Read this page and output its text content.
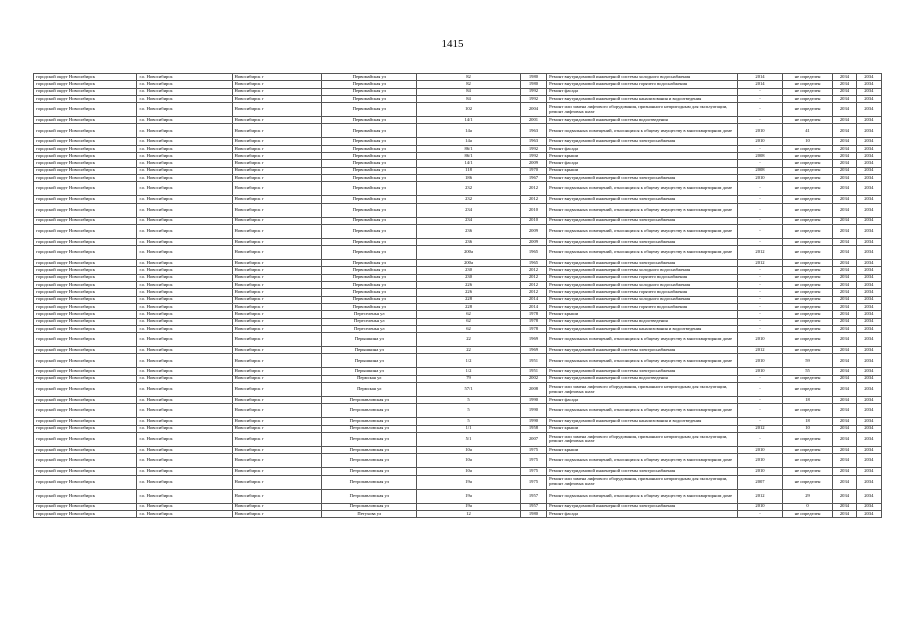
1415
городской округ Новосибирск	г.о. Новосибирск	Новосибирск г	Первомайская ул	82	1980	Ремонт внутридомовой инженерной системы холодного водоснабжения	2014	не определен	2034	2034
городской округ Новосибирск	г.о. Новосибирск	Новосибирск г	Первомайская ул	82	1980	Ремонт внутридомовой инженерной системы горячего водоснабжения	2014	не определен	2034	2034
городской округ Новосибирск	г.о. Новосибирск	Новосибирск г	Первомайская ул	84	1992	Ремонт фасада	-	не определен	2034	2034
городской округ Новосибирск	г.о. Новосибирск	Новосибирск г	Первомайская ул	84	1992	Ремонт внутридомовой инженерной системы канализования и водоотведения	-	не определен	2034	2034
городской округ Новосибирск	г.о. Новосибирск	Новосибирск г	Первомайская ул	102	2004	Ремонт или замена лифтового оборудования, признанного непригодным для эксплуатации, ремонт лифтовых шахт	-	не определен	2034	2034
городской округ Новосибирск	г.о. Новосибирск	Новосибирск г	Первомайская ул	14/1	2001	Ремонт внутридомовой инженерной системы водоотведения	-	не определен	2034	2034
городской округ Новосибирск	г.о. Новосибирск	Новосибирск г	Первомайская ул	14а	1963	Ремонт подвальных помещений, относящихся к общему имуществу в многоквартирном доме	2010	41	2034	2034
городской округ Новосибирск	г.о. Новосибирск	Новосибирск г	Первомайская ул	14а	1963	Ремонт внутридомовой инженерной системы электроснабжения	2010	10	2034	2034
городской округ Новосибирск	г.о. Новосибирск	Новосибирск г	Первомайская ул	86/1	1992	Ремонт фасада	-	не определен	2034	2034
городской округ Новосибирск	г.о. Новосибирск	Новосибирск г	Первомайская ул	86/1	1992	Ремонт крыши	2008	не определен	2034	2034
городской округ Новосибирск	г.о. Новосибирск	Новосибирск г	Первомайская ул	14/1	2009	Ремонт фасада	-	не определен	2034	2034
городской округ Новосибирск	г.о. Новосибирск	Новосибирск г	Первомайская ул	118	1970	Ремонт крыши	2008	не определен	2034	2034
городской округ Новосибирск	г.о. Новосибирск	Новосибирск г	Первомайская ул	186	1967	Ремонт внутридомовой инженерной системы электроснабжения	2010	не определен	2034	2034
городской округ Новосибирск	г.о. Новосибирск	Новосибирск г	Первомайская ул	232	2012	Ремонт подвальных помещений, относящихся к общему имуществу в многоквартирном доме	-	не определен	2034	2034
городской округ Новосибирск	г.о. Новосибирск	Новосибирск г	Первомайская ул	232	2012	Ремонт внутридомовой инженерной системы электроснабжения	-	не определен	2034	2034
городской округ Новосибирск	г.о. Новосибирск	Новосибирск г	Первомайская ул	234	2010	Ремонт подвальных помещений, относящихся к общему имуществу в многоквартирном доме	-	не определен	2034	2034
городской округ Новосибирск	г.о. Новосибирск	Новосибирск г	Первомайская ул	234	2010	Ремонт внутридомовой инженерной системы электроснабжения	-	не определен	2034	2034
городской округ Новосибирск	г.о. Новосибирск	Новосибирск г	Первомайская ул	236	2009	Ремонт подвальных помещений, относящихся к общему имуществу в многоквартирном доме	-	не определен	2034	2034
городской округ Новосибирск	г.о. Новосибирск	Новосибирск г	Первомайская ул	236	2009	Ремонт внутридомовой инженерной системы электроснабжения	-	не определен	2034	2034
городской округ Новосибирск	г.о. Новосибирск	Новосибирск г	Первомайская ул	200а	1965	Ремонт подвальных помещений, относящихся к общему имуществу в многоквартирном доме	2012	не определен	2034	2034
городской округ Новосибирск	г.о. Новосибирск	Новосибирск г	Первомайская ул	200а	1965	Ремонт внутридомовой инженерной системы электроснабжения	2012	не определен	2034	2034
городской округ Новосибирск	г.о. Новосибирск	Новосибирск г	Первомайская ул	230	2012	Ремонт внутридомовой инженерной системы холодного водоснабжения	-	не определен	2034	2034
городской округ Новосибирск	г.о. Новосибирск	Новосибирск г	Первомайская ул	230	2012	Ремонт внутридомовой инженерной системы горячего водоснабжения	-	не определен	2034	2034
городской округ Новосибирск	г.о. Новосибирск	Новосибирск г	Первомайская ул	226	2012	Ремонт внутридомовой инженерной системы холодного водоснабжения	-	не определен	2034	2034
городской округ Новосибирск	г.о. Новосибирск	Новосибирск г	Первомайская ул	226	2012	Ремонт внутридомовой инженерной системы горячего водоснабжения	-	не определен	2034	2034
городской округ Новосибирск	г.о. Новосибирск	Новосибирск г	Первомайская ул	228	2014	Ремонт внутридомовой инженерной системы холодного водоснабжения	-	не определен	2034	2034
городской округ Новосибирск	г.о. Новосибирск	Новосибирск г	Первомайская ул	228	2014	Ремонт внутридомовой инженерной системы горячего водоснабжения	-	не определен	2034	2034
городской округ Новосибирск	г.о. Новосибирск	Новосибирск г	Переселенья ул	62	1978	Ремонт крыши	-	не определен	2034	2034
городской округ Новосибирск	г.о. Новосибирск	Новосибирск г	Переселенья ул	62	1978	Ремонт внутридомовой инженерной системы водоотведения	-	не определен	2034	2034
городской округ Новосибирск	г.о. Новосибирск	Новосибирск г	Переселенья ул	62	1978	Ремонт внутридомовой инженерной системы канализования и водоотведения	-	не определен	2034	2034
городской округ Новосибирск	г.о. Новосибирск	Новосибирск г	Перышкина ул	22	1969	Ремонт подвальных помещений, относящихся к общему имуществу в многоквартирном доме	2010	не определен	2034	2034
городской округ Новосибирск	г.о. Новосибирск	Новосибирск г	Перышкина ул	22	1969	Ремонт внутридомовой инженерной системы электроснабжения	2012	не определен	2034	2034
городской округ Новосибирск	г.о. Новосибирск	Новосибирск г	Перышкина ул	1/2	1951	Ремонт подвальных помещений, относящихся к общему имуществу в многоквартирном доме	2010	59	2034	2034
городской округ Новосибирск	г.о. Новосибирск	Новосибирск г	Перышкина ул	1/2	1951	Ремонт внутридомовой инженерной системы электроснабжения	2010	55	2034	2034
городской округ Новосибирск	г.о. Новосибирск	Новосибирск г	Пермская ул	79	2002	Ремонт внутридомовой инженерной системы водоотведения	-	не определен	2034	2034
городской округ Новосибирск	г.о. Новосибирск	Новосибирск г	Пермская ул	57/1	2008	Ремонт или замена лифтового оборудования, признанного непригодным для эксплуатации, ремонт лифтовых шахт	-	не определен	2034	2034
городской округ Новосибирск	г.о. Новосибирск	Новосибирск г	Петропавловская ул	5	1990	Ремонт фасада	-	18	2034	2034
городской округ Новосибирск	г.о. Новосибирск	Новосибирск г	Петропавловская ул	5	1990	Ремонт подвальных помещений, относящихся к общему имуществу в многоквартирном доме	-	не определен	2034	2034
городской округ Новосибирск	г.о. Новосибирск	Новосибирск г	Петропавловская ул	5	1990	Ремонт внутридомовой инженерной системы канализования и водоотведения	-	18	2034	2034
городской округ Новосибирск	г.о. Новосибирск	Новосибирск г	Петропавловская ул	1/1	1958	Ремонт крыши	2012	10	2034	2034
городской округ Новосибирск	г.о. Новосибирск	Новосибирск г	Петропавловская ул	5/1	2007	Ремонт или замена лифтового оборудования, признанного непригодным для эксплуатации, ремонт лифтовых шахт	-	не определен	2034	2034
городской округ Новосибирск	г.о. Новосибирск	Новосибирск г	Петропавловская ул	10а	1975	Ремонт крыши	2010	не определен	2034	2034
городской округ Новосибирск	г.о. Новосибирск	Новосибирск г	Петропавловская ул	10а	1975	Ремонт подвальных помещений, относящихся к общему имуществу в многоквартирном доме	2010	не определен	2034	2034
городской округ Новосибирск	г.о. Новосибирск	Новосибирск г	Петропавловская ул	10а	1975	Ремонт внутридомовой инженерной системы электроснабжения	2010	не определен	2034	2034
городской округ Новосибирск	г.о. Новосибирск	Новосибирск г	Петропавловская ул	19а	1975	Ремонт или замена лифтового оборудования, признанного непригодным для эксплуатации, ремонт лифтовых шахт	2007	не определен	2034	2034
городской округ Новосибирск	г.о. Новосибирск	Новосибирск г	Петропавловская ул	19а	1957	Ремонт подвальных помещений, относящихся к общему имуществу в многоквартирном доме	2012	29	2034	2034
городской округ Новосибирск	г.о. Новосибирск	Новосибирск г	Петропавловская ул	19а	1957	Ремонт внутридомовой инженерной системы электроснабжения	2010	0	2034	2034
городской округ Новосибирск	г.о. Новосибирск	Новосибирск г	Петухова ул	12	1980	Ремонт фасада	-	не определен	2034	2034
